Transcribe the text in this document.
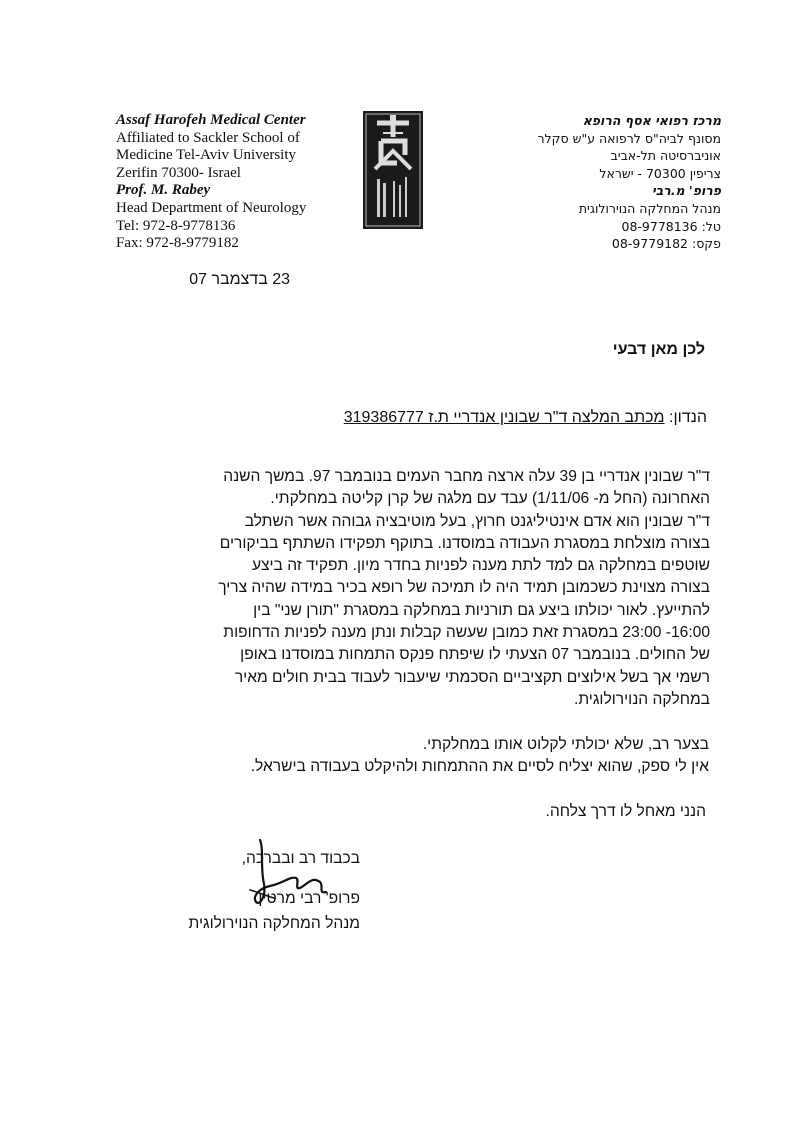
Assaf Harofeh Medical Center
Affiliated to Sackler School of
Medicine Tel-Aviv University
Zerifin 70300- Israel
Prof. M. Rabey
Head Department of Neurology
Tel: 972-8-9778136
Fax: 972-8-9779182
מרכז רפואי אסף הרופא
מסונף לביה"ס לרפואה ע"ש סקלר
אוניברסיטה תל-אביב
צריפין 70300 - ישראל
פרופ' מ.רבי
מנהל המחלקה הנוירולוגית
טל: 08-9778136
פקס: 08-9779182
23 בדצמבר 07
לכן מאן דבעי
הנדון: מכתב המלצה ד"ר שבונין אנדריי ת.ז 319386777
ד"ר שבונין אנדריי בן 39 עלה ארצה מחבר העמים בנובמבר 97. במשך השנה
האחרונה (החל מ- 1/11/06) עבד עם מלגה של קרן קליטה במחלקתי.
ד"ר שבונין הוא אדם אינטיליגנט חרוץ, בעל מוטיבציה גבוהה אשר השתלב
בצורה מוצלחת במסגרת העבודה במוסדנו. בתוקף תפקידו השתתף בביקורים
שוטפים במחלקה גם למד לתת מענה לפניות בחדר מיון. תפקיד זה ביצע
בצורה מצוינת כשכמובן תמיד היה לו תמיכה של רופא בכיר במידה שהיה צריך
להתייעץ. לאור יכולתו ביצע גם תורניות במחלקה במסגרת "תורן שני" בין
16:00- 23:00 במסגרת זאת כמובן שעשה קבלות ונתן מענה לפניות הדחופות
של החולים. בנובמבר 07 הצעתי לו שיפתח פנקס התמחות במוסדנו באופן
רשמי אך בשל אילוצים תקציביים הסכמתי שיעבור לעבוד בבית חולים מאיר
במחלקה הנוירולוגית.
בצער רב, שלא יכולתי לקלוט אותו במחלקתי.
אין לי ספק, שהוא יצליח לסיים את ההתמחות ולהיקלט בעבודה בישראל.
הנני מאחל לו דרך צלחה.
בכבוד רב ובברכה,
פרופ' רבי מרטין
מנהל המחלקה הנוירולוגית
